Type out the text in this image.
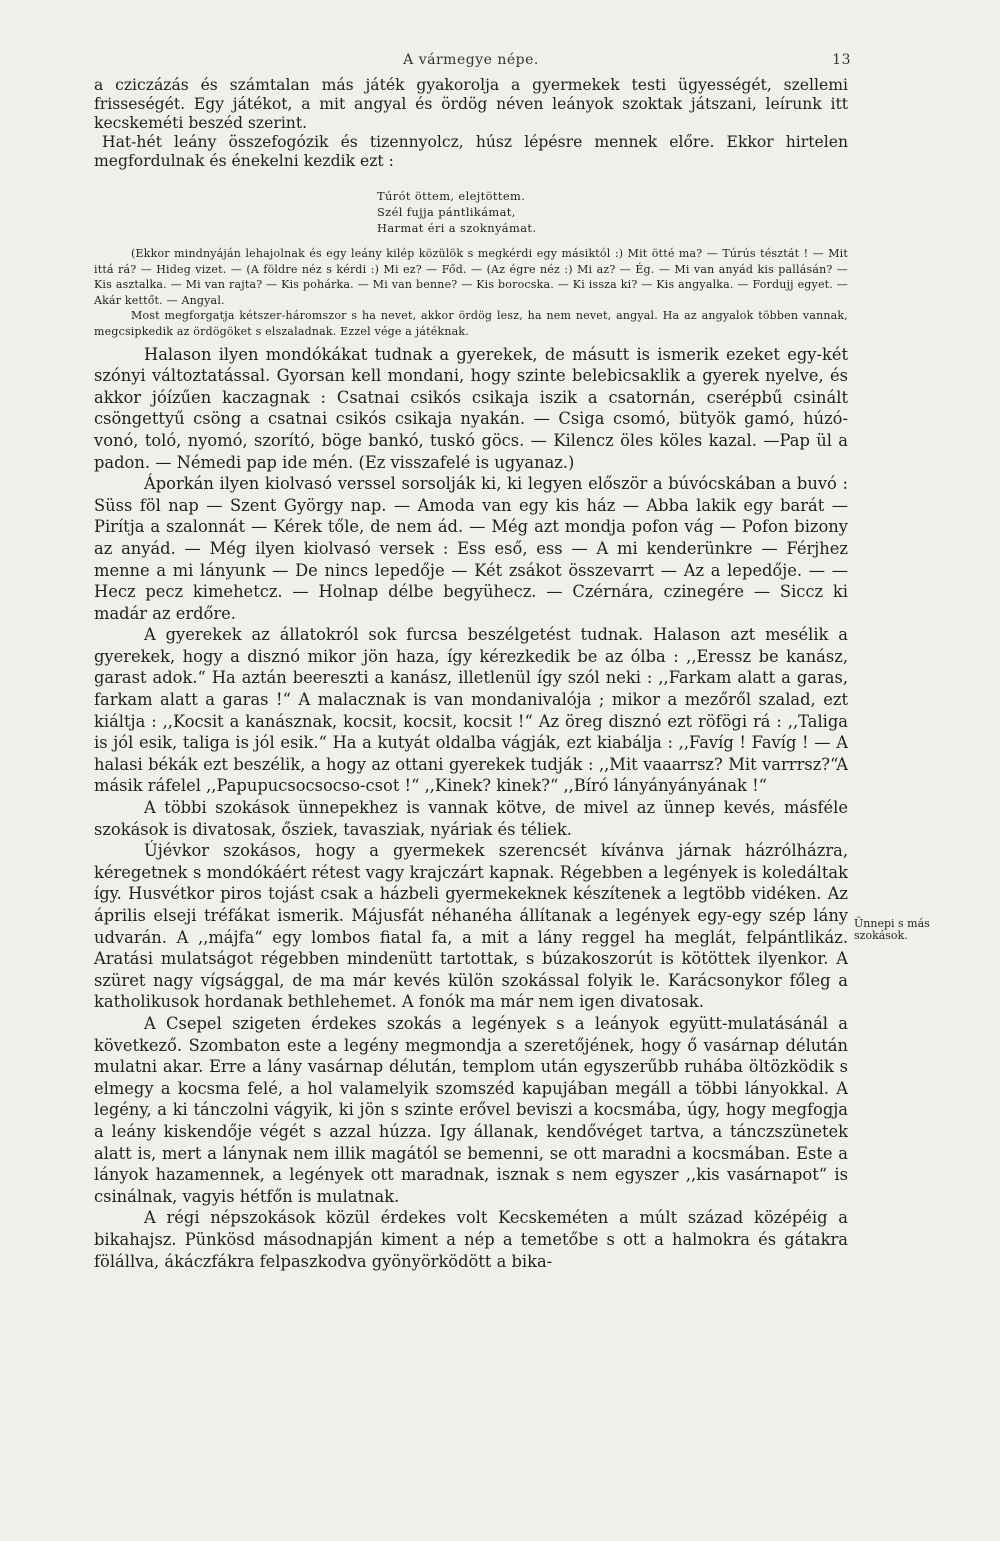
A vármegye népe.	13

a cziczázás és számtalan más játék gyakorolja a gyermekek testi ügyességét, szellemi frisseségét. Egy játékot, a mit angyal és ördög néven leányok szoktak játszani, leírunk itt kecskeméti beszéd szerint.

Hat-hét leány összefogózik és tizennyolcz, húsz lépésre mennek előre. Ekkor hirtelen megfordulnak és énekelni kezdik ezt :

Túrót öttem, elejtöttem.
Szél fujja pántlikámat,
Harmat éri a szoknyámat.

(Ekkor mindnyáján lehajolnak és egy leány kilép közülök s megkérdi egy másiktól :) Mit ötté ma? — Túrús tésztát ! — Mit ittá rá? — Hideg vizet. — (A földre néz s kérdi :) Mi ez? — Főd. — (Az égre néz :) Mi az? — Ég. — Mi van anyád kis pallásán? — Kis asztalka. — Mi van rajta? — Kis pohárka. — Mi van benne? — Kis borocska. — Ki issza ki? — Kis angyalka. — Fordujj egyet. — Akár kettőt. — Angyal.

Most megforgatja kétszer-háromszor s ha nevet, akkor ördög lesz, ha nem nevet, angyal. Ha az angyalok többen vannak, megcsipkedik az ördögöket s elszaladnak. Ezzel vége a játéknak.

Halason ilyen mondókákat tudnak a gyerekek, de másutt is ismerik ezeket egy-két szónyi változtatással. Gyorsan kell mondani, hogy szinte belebicsaklik a gyerek nyelve, és akkor jóízűen kaczagnak : Csatnai csikós csikaja iszik a csatornán, cserépbű csinált csöngettyű csöng a csatnai csikós csikaja nyakán. — Csiga csomó, bütyök gamó, húzó-vonó, toló, nyomó, szorító, böge bankó, tuskó göcs. — Kilencz öles köles kazal. —Pap ül a padon. — Némedi pap ide mén. (Ez visszafelé is ugyanaz.)

Áporkán ilyen kiolvasó verssel sorsolják ki, ki legyen először a búvócskában a buvó : Süss föl nap — Szent György nap. — Amoda van egy kis ház — Abba lakik egy barát — Pirítja a szalonnát — Kérek tőle, de nem ád. — Még azt mondja pofon vág — Pofon bizony az anyád. — Még ilyen kiolvasó versek : Ess eső, ess — A mi kenderünkre — Férjhez menne a mi lányunk — De nincs lepedője — Két zsákot összevarrt — Az a lepedője. — — Hecz pecz kimehetcz. — Holnap délbe begyühecz. — Czérnára, czinegére — Siccz ki madár az erdőre.

A gyerekek az állatokról sok furcsa beszélgetést tudnak. Halason azt mesélik a gyerekek, hogy a disznó mikor jön haza, így kérezkedik be az ólba : ,,Eressz be kanász, garast adok.“ Ha aztán beereszti a kanász, illetlenül így szól neki : ,,Farkam alatt a garas, farkam alatt a garas !“ A malacznak is van mondanivalója ; mikor a mezőről szalad, ezt kiáltja : ,,Kocsit a kanásznak, kocsit, kocsit, kocsit !“ Az öreg disznó ezt röfögi rá : ,,Taliga is jól esik, taliga is jól esik.“ Ha a kutyát oldalba vágják, ezt kiabálja : ,,Favíg ! Favíg ! — A halasi békák ezt beszélik, a hogy az ottani gyerekek tudják : ,,Mit vaaarrsz? Mit varrrsz?“A másik ráfelel ,,Papupucsocsocso-csot !“ ,,Kinek? kinek?“ ,,Bíró lányányányának !“

A többi szokások ünnepekhez is vannak kötve, de mivel az ünnep kevés, másféle szokások is divatosak, őszіek, tavasziak, nyáriak és téliek.

Újévkor szokásos, hogy a gyermekek szerencsét kívánva járnak házrólházra, kéregetnek s mondókáért rétest vagy krajczárt kapnak. Régebben a legények is koledáltak így. Husvétkor piros tojást csak a házbeli gyermekeknek készítenek a legtöbb vidéken. Az április elseji tréfákat ismerik. Májusfát néhanéha állítanak a legények egy-egy szép lány udvarán. A ,,májfa“ egy lombos fiatal fa, a mit a lány reggel ha meglát, felpántlikáz. Aratási mulatságot régebben mindenütt tartottak, s búzakoszorút is kötöttek ilyenkor. A szüret nagy vígsággal, de ma már kevés külön szokással folyik le. Karácsonykor főleg a katholikusok hordanak bethlehemet. A fonók ma már nem igen divatosak.

A Csepel szigeten érdekes szokás a legények s a leányok együtt-mulatásánál a következő. Szombaton este a legény megmondja a szeretőjének, hogy ő vasárnap délután mulatni akar. Erre a lány vasárnap délután, templom után egyszerűbb ruhába öltözködik s elmegy a kocsma felé, a hol valamelyik szomszéd kapujában megáll a többi lányokkal. A legény, a ki tánczolni vágyik, ki jön s szinte erővel beviszi a kocsmába, úgy, hogy megfogja a leány kiskendője végét s azzal húzza. Igy állanak, kendővéget tartva, a tánczszünetek alatt is, mert a lánynak nem illik magától se bemenni, se ott maradni a kocsmában. Este a lányok hazamennek, a legények ott maradnak, isznak s nem egyszer ,,kis vasárnapot“ is csinálnak, vagyis hétfőn is mulatnak.

A régi népszokások közül érdekes volt Kecskeméten a múlt század középéig a bikahajsz. Pünkösd másodnapján kiment a nép a temetőbe s ott a halmokra és gátakra fölállva, ákáczfákra felpaszkodva gyönyörködött a bika-

Ünnepi s más szokások.
